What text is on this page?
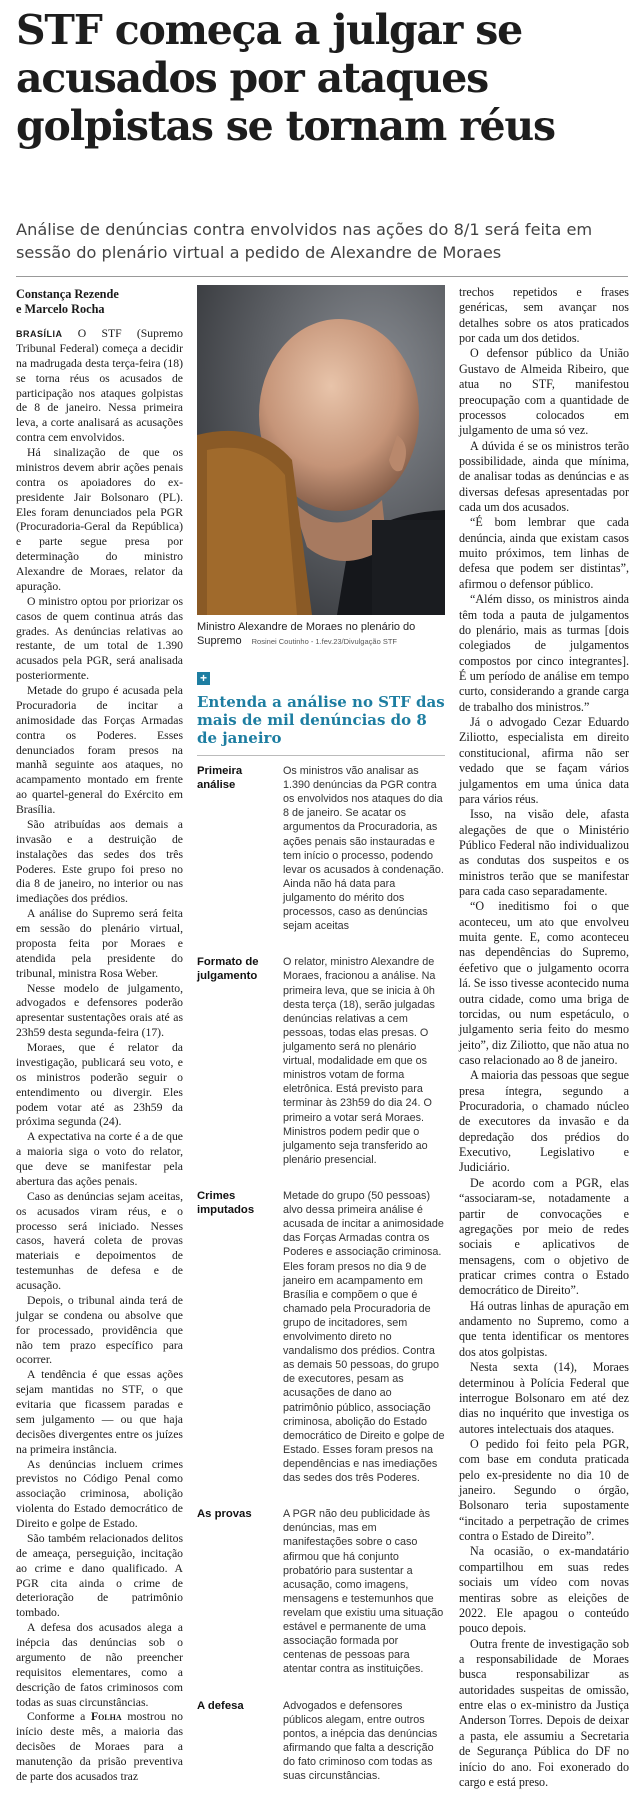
STF começa a julgar se acusados por ataques golpistas se tornam réus

Análise de denúncias contra envolvidos nas ações do 8/1 será feita em sessão do plenário virtual a pedido de Alexandre de Moraes

Constança Rezende
e Marcelo Rocha

BRASÍLIA O STF (Supremo Tribunal Federal) começa a decidir na madrugada desta terça-feira (18) se torna réus os acusados de participação nos ataques golpistas de 8 de janeiro. Nessa primeira leva, a corte analisará as acusações contra cem envolvidos.

Há sinalização de que os ministros devem abrir ações penais contra os apoiadores do ex-presidente Jair Bolsonaro (PL). Eles foram denunciados pela PGR (Procuradoria-Geral da República) e parte segue presa por determinação do ministro Alexandre de Moraes, relator da apuração.

O ministro optou por priorizar os casos de quem continua atrás das grades. As denúncias relativas ao restante, de um total de 1.390 acusados pela PGR, será analisada posteriormente.

Metade do grupo é acusada pela Procuradoria de incitar a animosidade das Forças Armadas contra os Poderes. Esses denunciados foram presos na manhã seguinte aos ataques, no acampamento montado em frente ao quartel-general do Exército em Brasília.

São atribuídas aos demais a invasão e a destruição de instalações das sedes dos três Poderes. Este grupo foi preso no dia 8 de janeiro, no interior ou nas imediações dos prédios.

A análise do Supremo será feita em sessão do plenário virtual, proposta feita por Moraes e atendida pela presidente do tribunal, ministra Rosa Weber.

Nesse modelo de julgamento, advogados e defensores poderão apresentar sustentações orais até as 23h59 desta segunda-feira (17).

Moraes, que é relator da investigação, publicará seu voto, e os ministros poderão seguir o entendimento ou divergir. Eles podem votar até as 23h59 da próxima segunda (24).

A expectativa na corte é a de que a maioria siga o voto do relator, que deve se manifestar pela abertura das ações penais.

Caso as denúncias sejam aceitas, os acusados viram réus, e o processo será iniciado. Nesses casos, haverá coleta de provas materiais e depoimentos de testemunhas de defesa e de acusação.

Depois, o tribunal ainda terá de julgar se condena ou absolve que for processado, providência que não tem prazo específico para ocorrer.

A tendência é que essas ações sejam mantidas no STF, o que evitaria que ficassem paradas e sem julgamento — ou que haja decisões divergentes entre os juízes na primeira instância.

As denúncias incluem crimes previstos no Código Penal como associação criminosa, abolição violenta do Estado democrático de Direito e golpe de Estado.

São também relacionados delitos de ameaça, perseguição, incitação ao crime e dano qualificado. A PGR cita ainda o crime de deterioração de patrimônio tombado.

A defesa dos acusados alega a inépcia das denúncias sob o argumento de não preencher requisitos elementares, como a descrição de fatos criminosos com todas as suas circunstâncias.

Conforme a Folha mostrou no início deste mês, a maioria das decisões de Moraes para a manutenção da prisão preventiva de parte dos acusados traz

Ministro Alexandre de Moraes no plenário do Supremo Rosinei Coutinho - 1.fev.23/Divulgação STF
+
Entenda a análise no STF das mais de mil denúncias do 8 de janeiro
Primeira análise
Os ministros vão analisar as 1.390 denúncias da PGR contra os envolvidos nos ataques do dia 8 de janeiro. Se acatar os argumentos da Procuradoria, as ações penais são instauradas e tem início o processo, podendo levar os acusados à condenação. Ainda não há data para julgamento do mérito dos processos, caso as denúncias sejam aceitas
Formato de julgamento
O relator, ministro Alexandre de Moraes, fracionou a análise. Na primeira leva, que se inicia à 0h desta terça (18), serão julgadas denúncias relativas a cem pessoas, todas elas presas. O julgamento será no plenário virtual, modalidade em que os ministros votam de forma eletrônica. Está previsto para terminar às 23h59 do dia 24. O primeiro a votar será Moraes. Ministros podem pedir que o julgamento seja transferido ao plenário presencial.
Crimes imputados
Metade do grupo (50 pessoas) alvo dessa primeira análise é acusada de incitar a animosidade das Forças Armadas contra os Poderes e associação criminosa. Eles foram presos no dia 9 de janeiro em acampamento em Brasília e compõem o que é chamado pela Procuradoria de grupo de incitadores, sem envolvimento direto no vandalismo dos prédios. Contra as demais 50 pessoas, do grupo de executores, pesam as acusações de dano ao patrimônio público, associação criminosa, abolição do Estado democrático de Direito e golpe de Estado. Esses foram presos na dependências e nas imediações das sedes dos três Poderes.
As provas	A PGR não deu publicidade às denúncias, mas em manifestações sobre o caso afirmou que há conjunto probatório para sustentar a acusação, como imagens, mensagens e testemunhos que revelam que existiu uma situação estável e permanente de uma associação formada por centenas de pessoas para atentar contra as instituições.
A defesa	Advogados e defensores públicos alegam, entre outros pontos, a inépcia das denúncias afirmando que falta a descrição do fato criminoso com todas as suas circunstâncias.

trechos repetidos e frases genéricas, sem avançar nos detalhes sobre os atos praticados por cada um dos detidos.

O defensor público da União Gustavo de Almeida Ribeiro, que atua no STF, manifestou preocupação com a quantidade de processos colocados em julgamento de uma só vez.

A dúvida é se os ministros terão possibilidade, ainda que mínima, de analisar todas as denúncias e as diversas defesas apresentadas por cada um dos acusados.

“É bom lembrar que cada denúncia, ainda que existam casos muito próximos, tem linhas de defesa que podem ser distintas”, afirmou o defensor público.

“Além disso, os ministros ainda têm toda a pauta de julgamentos do plenário, mais as turmas [dois colegiados de julgamentos compostos por cinco integrantes]. É um período de análise em tempo curto, considerando a grande carga de trabalho dos ministros.”

Já o advogado Cezar Eduardo Ziliotto, especialista em direito constitucional, afirma não ser vedado que se façam vários julgamentos em uma única data para vários réus.

Isso, na visão dele, afasta alegações de que o Ministério Público Federal não individualizou as condutas dos suspeitos e os ministros terão que se manifestar para cada caso separadamente.

“O ineditismo foi o que aconteceu, um ato que envolveu muita gente. E, como aconteceu nas dependências do Supremo, éefetivo que o julgamento ocorra lá. Se isso tivesse acontecido numa outra cidade, como uma briga de torcidas, ou num espetáculo, o julgamento seria feito do mesmo jeito”, diz Ziliotto, que não atua no caso relacionado ao 8 de janeiro.

A maioria das pessoas que segue presa íntegra, segundo a Procuradoria, o chamado núcleo de executores da invasão e da depredação dos prédios do Executivo, Legislativo e Judiciário.

De acordo com a PGR, elas “associaram-se, notadamente a partir de convocações e agregações por meio de redes sociais e aplicativos de mensagens, com o objetivo de praticar crimes contra o Estado democrático de Direito”.

Há outras linhas de apuração em andamento no Supremo, como a que tenta identificar os mentores dos atos golpistas.

Nesta sexta (14), Moraes determinou à Polícia Federal que interrogue Bolsonaro em até dez dias no inquérito que investiga os autores intelectuais dos ataques.

O pedido foi feito pela PGR, com base em conduta praticada pelo ex-presidente no dia 10 de janeiro. Segundo o órgão, Bolsonaro teria supostamente “incitado a perpetração de crimes contra o Estado de Direito”.

Na ocasião, o ex-mandatário compartilhou em suas redes sociais um vídeo com novas mentiras sobre as eleições de 2022. Ele apagou o conteúdo pouco depois.

Outra frente de investigação sob a responsabilidade de Moraes busca responsabilizar as autoridades suspeitas de omissão, entre elas o ex-ministro da Justiça Anderson Torres. Depois de deixar a pasta, ele assumiu a Secretaria de Segurança Pública do DF no início do ano. Foi exonerado do cargo e está preso.
